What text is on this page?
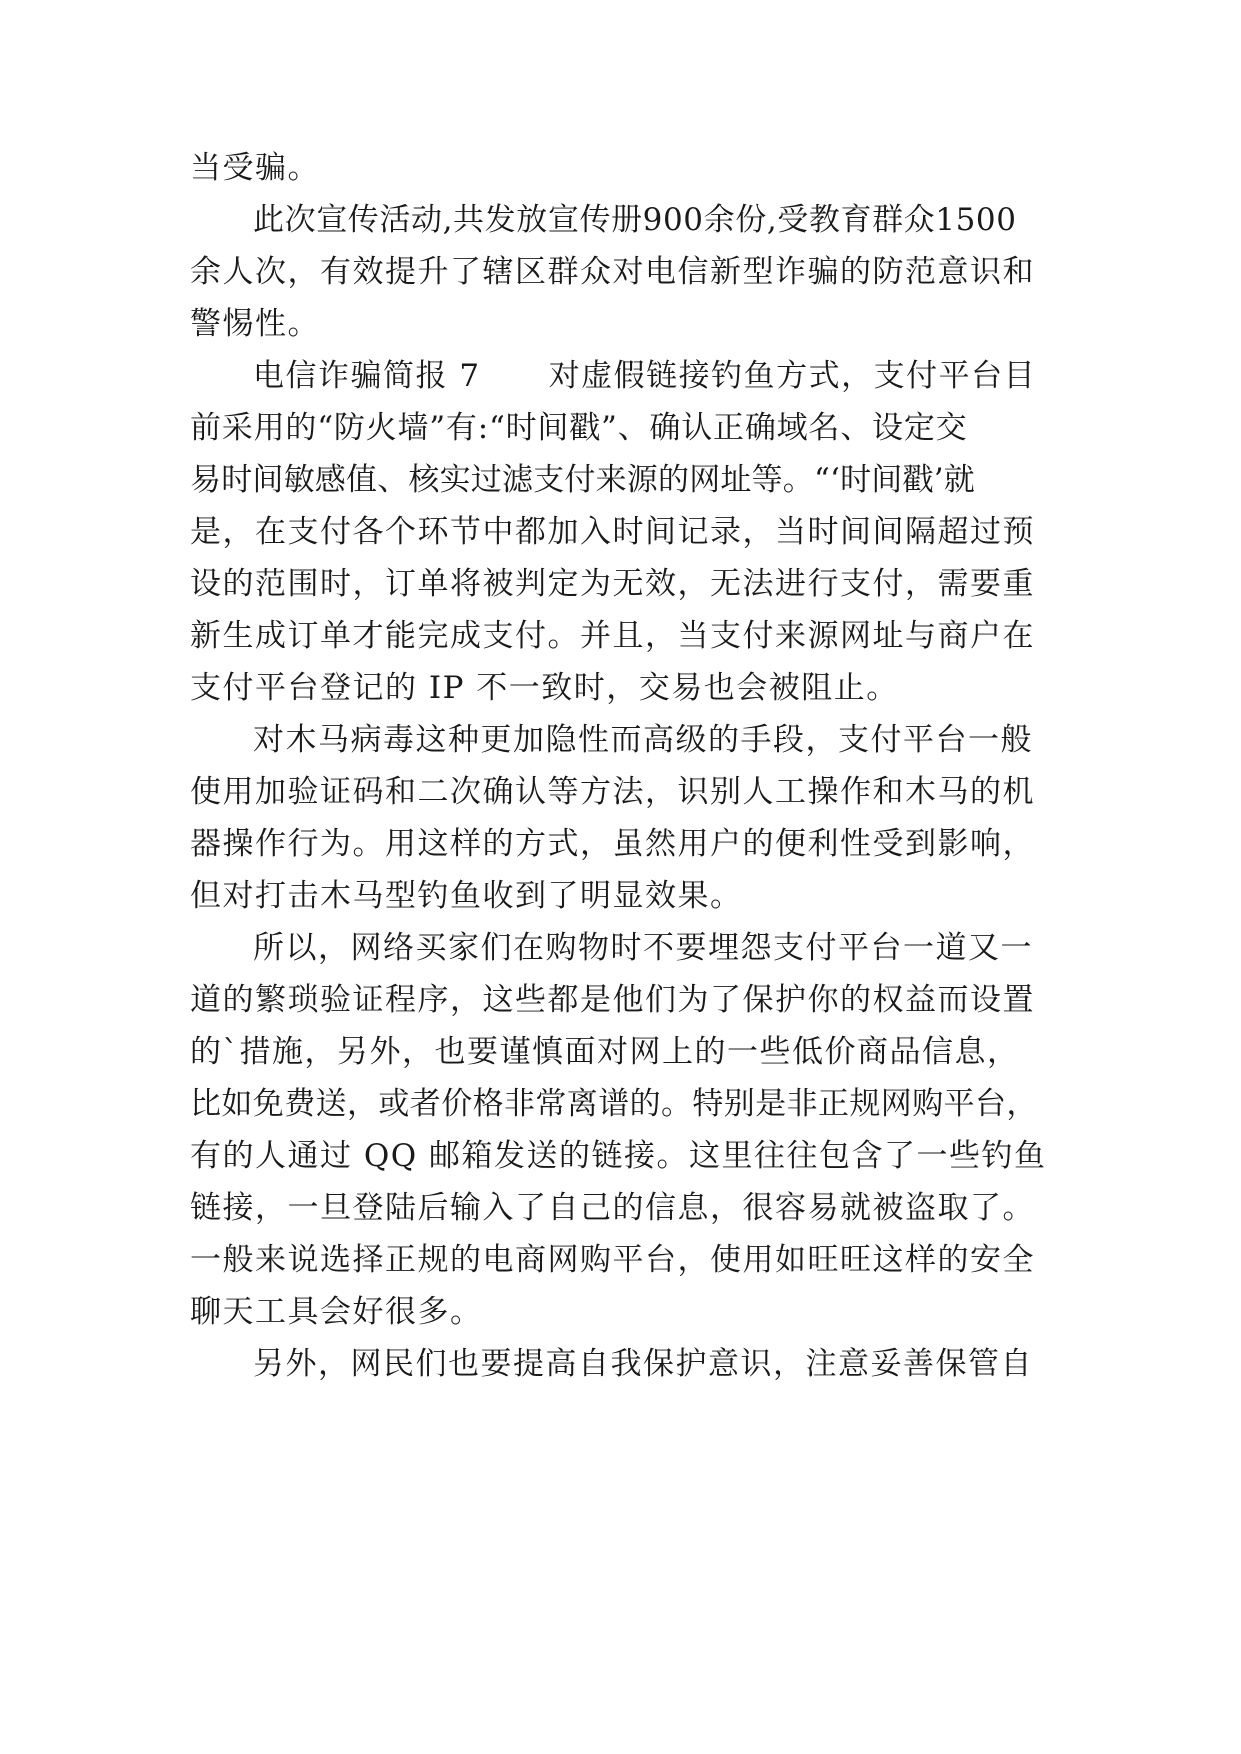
当受骗。
此次宣传活动,共发放宣传册900余份,受教育群众1500
余人次，有效提升了辖区群众对电信新型诈骗的防范意识和
警惕性。
电信诈骗简报 7 对虚假链接钓鱼方式，支付平台目
前采用的“防火墙”有:“时间戳”、确认正确域名、设定交
易时间敏感值、核实过滤支付来源的网址等。“‘时间戳’就
是，在支付各个环节中都加入时间记录，当时间间隔超过预
设的范围时，订单将被判定为无效，无法进行支付，需要重
新生成订单才能完成支付。并且，当支付来源网址与商户在
支付平台登记的 IP 不一致时，交易也会被阻止。
对木马病毒这种更加隐性而高级的手段，支付平台一般
使用加验证码和二次确认等方法，识别人工操作和木马的机
器操作行为。用这样的方式，虽然用户的便利性受到影响，
但对打击木马型钓鱼收到了明显效果。
所以，网络买家们在购物时不要埋怨支付平台一道又一
道的繁琐验证程序，这些都是他们为了保护你的权益而设置
的`措施，另外，也要谨慎面对网上的一些低价商品信息，
比如免费送，或者价格非常离谱的。特别是非正规网购平台，
有的人通过 QQ 邮箱发送的链接。这里往往包含了一些钓鱼
链接，一旦登陆后输入了自己的信息，很容易就被盗取了。
一般来说选择正规的电商网购平台，使用如旺旺这样的安全
聊天工具会好很多。
另外，网民们也要提高自我保护意识，注意妥善保管自
